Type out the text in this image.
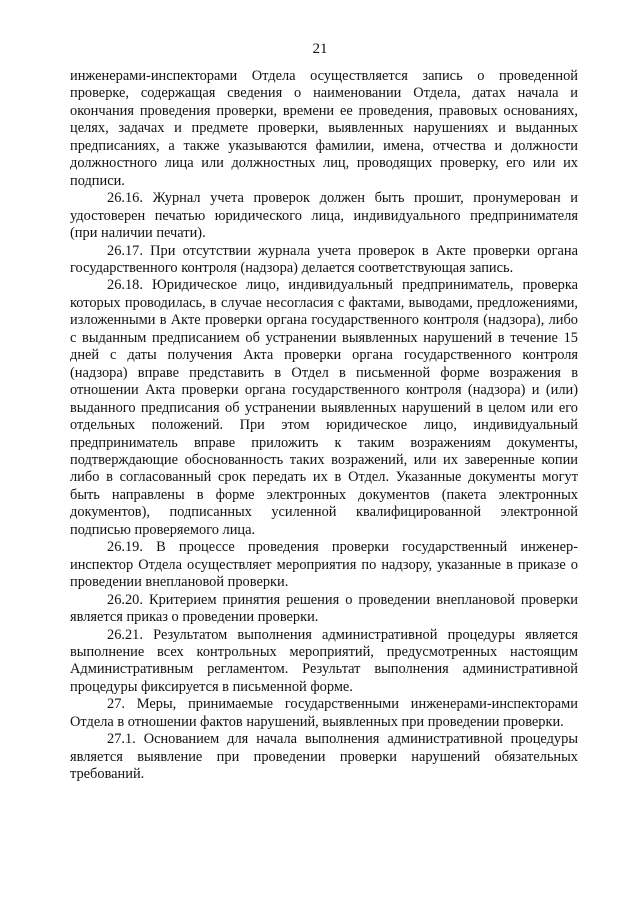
21

инженерами-инспекторами Отдела осуществляется запись о проведенной проверке, содержащая сведения о наименовании Отдела, датах начала и окончания проведения проверки, времени ее проведения, правовых основаниях, целях, задачах и предмете проверки, выявленных нарушениях и выданных предписаниях, а также указываются фамилии, имена, отчества и должности должностного лица или должностных лиц, проводящих проверку, его или их подписи.

26.16. Журнал учета проверок должен быть прошит, пронумерован и удостоверен печатью юридического лица, индивидуального предпринимателя (при наличии печати).

26.17. При отсутствии журнала учета проверок в Акте проверки органа государственного контроля (надзора) делается соответствующая запись.

26.18. Юридическое лицо, индивидуальный предприниматель, проверка которых проводилась, в случае несогласия с фактами, выводами, предложениями, изложенными в Акте проверки органа государственного контроля (надзора), либо с выданным предписанием об устранении выявленных нарушений в течение 15 дней с даты получения Акта проверки органа государственного контроля (надзора) вправе представить в Отдел в письменной форме возражения в отношении Акта проверки органа государственного контроля (надзора) и (или) выданного предписания об устранении выявленных нарушений в целом или его отдельных положений. При этом юридическое лицо, индивидуальный предприниматель вправе приложить к таким возражениям документы, подтверждающие обоснованность таких возражений, или их заверенные копии либо в согласованный срок передать их в Отдел. Указанные документы могут быть направлены в форме электронных документов (пакета электронных документов), подписанных усиленной квалифицированной электронной подписью проверяемого лица.

26.19. В процессе проведения проверки государственный инженер-инспектор Отдела осуществляет мероприятия по надзору, указанные в приказе о проведении внеплановой проверки.

26.20. Критерием принятия решения о проведении внеплановой проверки является приказ о проведении проверки.

26.21. Результатом выполнения административной процедуры является выполнение всех контрольных мероприятий, предусмотренных настоящим Административным регламентом. Результат выполнения административной процедуры фиксируется в письменной форме.

27. Меры, принимаемые государственными инженерами-инспекторами Отдела в отношении фактов нарушений, выявленных при проведении проверки.

27.1. Основанием для начала выполнения административной процедуры является выявление при проведении проверки нарушений обязательных требований.
